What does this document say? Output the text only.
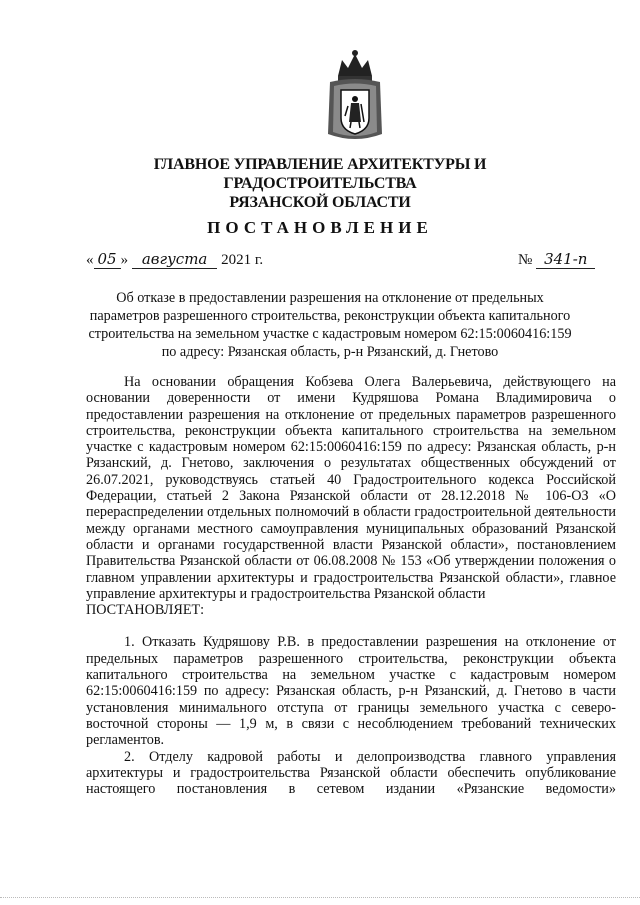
ГЛАВНОЕ УПРАВЛЕНИЕ АРХИТЕКТУРЫ И ГРАДОСТРОИТЕЛЬСТВА
РЯЗАНСКОЙ ОБЛАСТИ
ПОСТАНОВЛЕНИЕ
« 05 » августа 2021 г.	№ 341-п
Об отказе в предоставлении разрешения на отклонение от предельных параметров разрешенного строительства, реконструкции объекта капитального строительства на земельном участке с кадастровым номером 62:15:0060416:159 по адресу: Рязанская область, р-н Рязанский, д. Гнетово

На основании обращения Кобзева Олега Валерьевича, действующего на основании доверенности от имени Кудряшова Романа Владимировича о предоставлении разрешения на отклонение от предельных параметров разрешенного строительства, реконструкции объекта капитального строительства на земельном участке с кадастровым номером 62:15:0060416:159 по адресу: Рязанская область, р-н Рязанский, д. Гнетово, заключения о результатах общественных обсуждений от 26.07.2021, руководствуясь статьей 40 Градостроительного кодекса Российской Федерации, статьей 2 Закона Рязанской области от 28.12.2018 № 106-ОЗ «О перераспределении отдельных полномочий в области градостроительной деятельности между органами местного самоуправления муниципальных образований Рязанской области и органами государственной власти Рязанской области», постановлением Правительства Рязанской области от 06.08.2008 № 153 «Об утверждении положения о главном управлении архитектуры и градостроительства Рязанской области», главное управление архитектуры и градостроительства Рязанской области

ПОСТАНОВЛЯЕТ:

1. Отказать Кудряшову Р.В. в предоставлении разрешения на отклонение от предельных параметров разрешенного строительства, реконструкции объекта капитального строительства на земельном участке с кадастровым номером 62:15:0060416:159 по адресу: Рязанская область, р-н Рязанский, д. Гнетово в части установления минимального отступа от границы земельного участка с северо-восточной стороны — 1,9 м, в связи с несоблюдением требований технических регламентов.

2. Отделу кадровой работы и делопроизводства главного управления архитектуры и градостроительства Рязанской области обеспечить опубликование настоящего постановления в сетевом издании «Рязанские ведомости»
